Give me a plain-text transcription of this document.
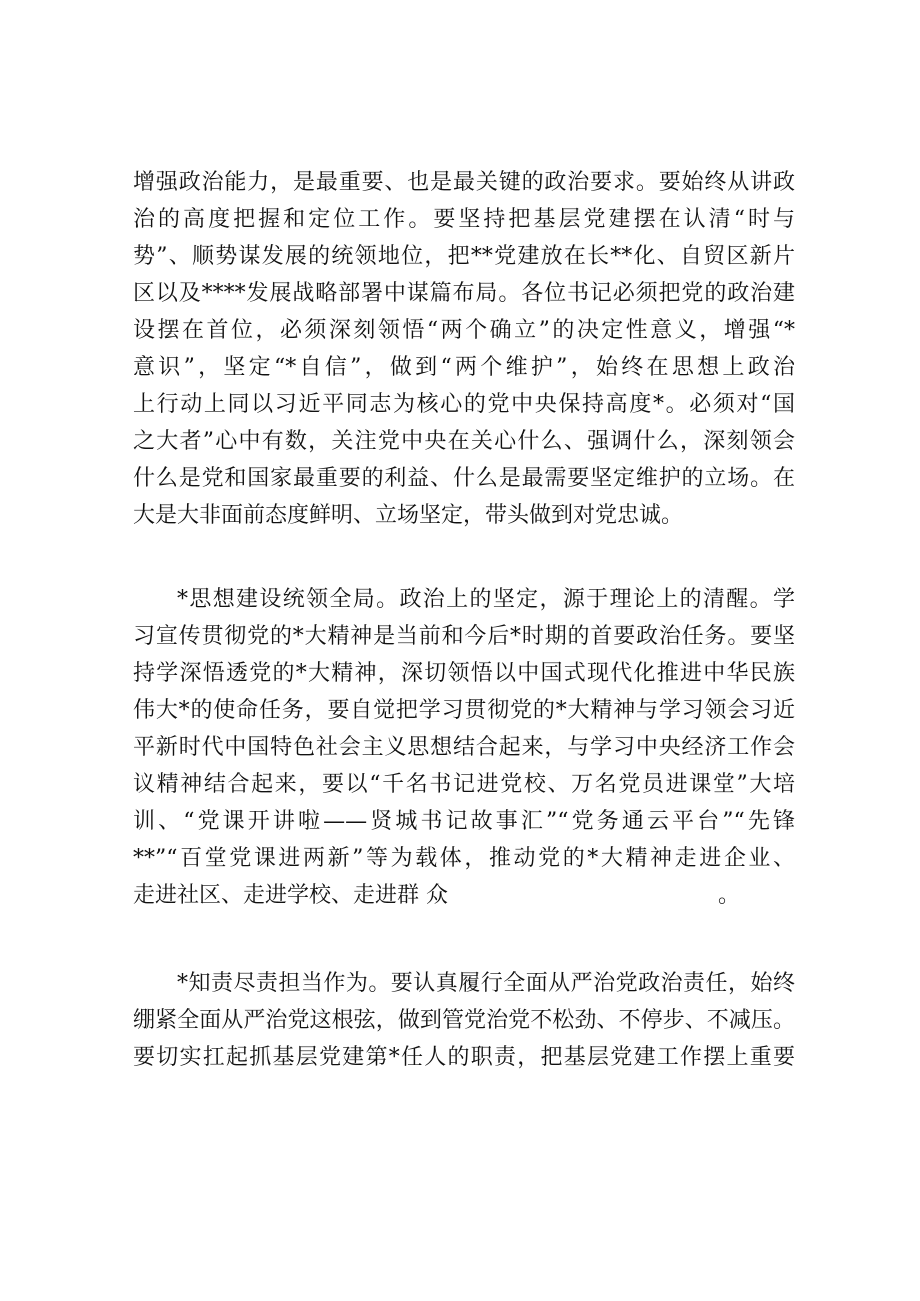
增强政治能力，是最重要、也是最关键的政治要求。要始终从讲政
治的高度把握和定位工作。要坚持把基层党建摆在认清“时与
势”、顺势谋发展的统领地位，把**党建放在长**化、自贸区新片
区以及****发展战略部署中谋篇布局。各位书记必须把党的政治建
设摆在首位，必须深刻领悟“两个确立”的决定性意义，增强“*
意识”，坚定“*自信”，做到“两个维护”，始终在思想上政治
上行动上同以习近平同志为核心的党中央保持高度*。必须对“国
之大者”心中有数，关注党中央在关心什么、强调什么，深刻领会
什么是党和国家最重要的利益、什么是最需要坚定维护的立场。在
大是大非面前态度鲜明、立场坚定，带头做到对党忠诚。
*思想建设统领全局。政治上的坚定，源于理论上的清醒。学
习宣传贯彻党的*大精神是当前和今后*时期的首要政治任务。要坚
持学深悟透党的*大精神，深切领悟以中国式现代化推进中华民族
伟大*的使命任务，要自觉把学习贯彻党的*大精神与学习领会习近
平新时代中国特色社会主义思想结合起来，与学习中央经济工作会
议精神结合起来，要以“千名书记进党校、万名党员进课堂”大培
训、“党课开讲啦——贤城书记故事汇”“党务通云平台”“先锋
**”“百堂党课进两新”等为载体，推动党的*大精神走进企业、
走进社区、走进学校、走进群 众	。
*知责尽责担当作为。要认真履行全面从严治党政治责任，始终
绷紧全面从严治党这根弦，做到管党治党不松劲、不停步、不减压。
要切实扛起抓基层党建第*任人的职责，把基层党建工作摆上重要
